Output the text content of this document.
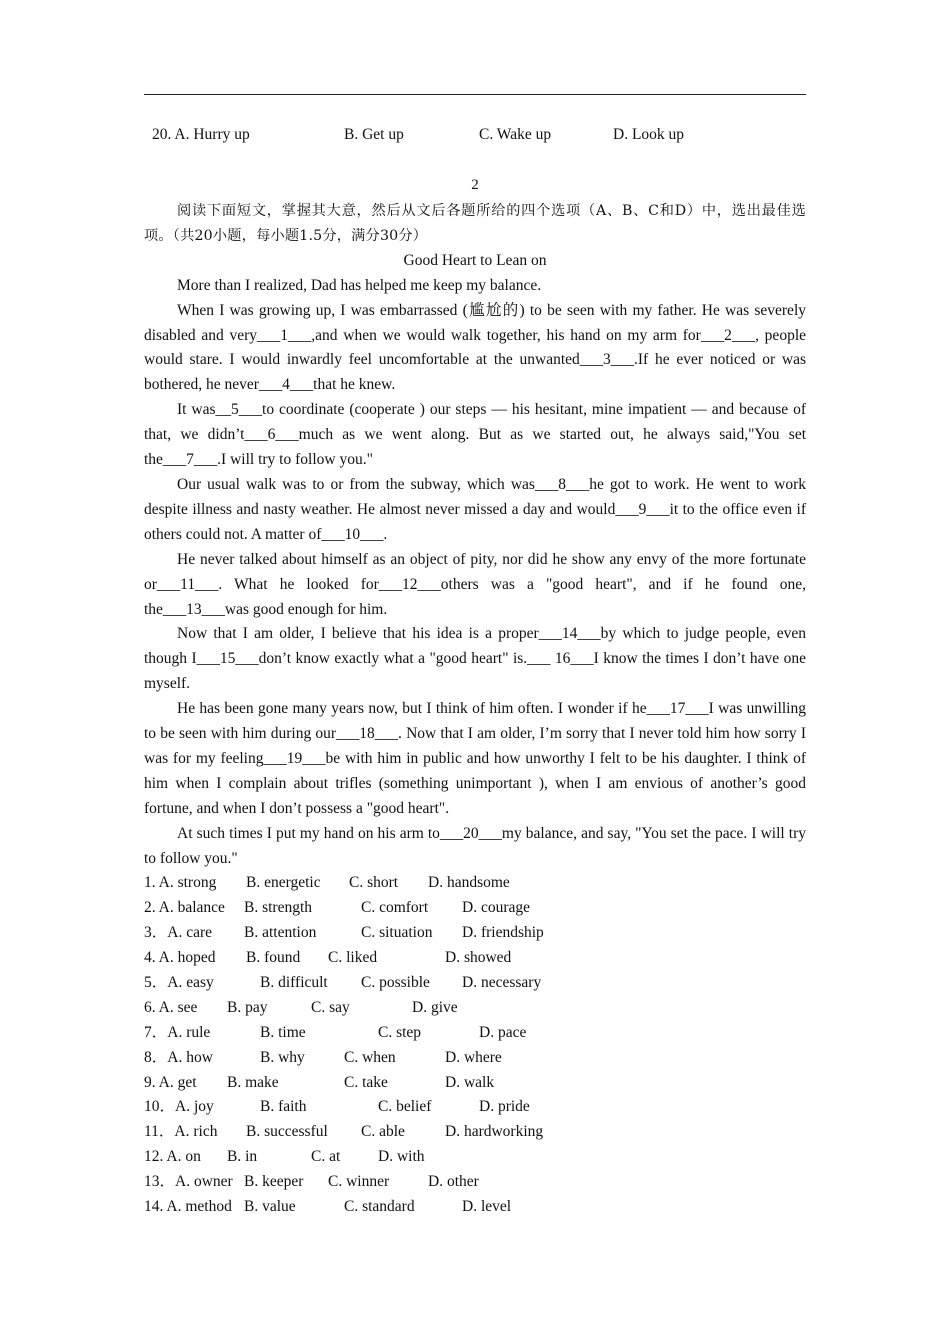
20. A. Hurry up	B. Get up	C. Wake up	D. Look up
2

阅读下面短文，掌握其大意，然后从文后各题所给的四个选项（A、B、C和D）中，选出最佳选项。（共20小题，每小题1.5分，满分30分）

Good Heart to Lean on

More than I realized, Dad has helped me keep my balance.

When I was growing up, I was embarrassed (尴尬的) to be seen with my father. He was severely disabled and very___1___,and when we would walk together, his hand on my arm for___2___, people would stare. I would inwardly feel uncomfortable at the unwanted___3___.If he ever noticed or was bothered, he never___4___that he knew.

It was__5___to coordinate (cooperate ) our steps — his hesitant, mine impatient — and because of that, we didn’t___6___much as we went along. But as we started out, he always said,"You set the___7___.I will try to follow you."

Our usual walk was to or from the subway, which was___8___he got to work. He went to work despite illness and nasty weather. He almost never missed a day and would___9___it to the office even if others could not. A matter of___10___.

He never talked about himself as an object of pity, nor did he show any envy of the more fortunate or___11___. What he looked for___12___others was a "good heart", and if he found one, the___13___was good enough for him.

Now that I am older, I believe that his idea is a proper___14___by which to judge people, even though I___15___don’t know exactly what a "good heart" is.___ 16___I know the times I don’t have one myself.

He has been gone many years now, but I think of him often. I wonder if he___17___I was unwilling to be seen with him during our___18___. Now that I am older, I’m sorry that I never told him how sorry I was for my feeling___19___be with him in public and how unworthy I felt to be his daughter. I think of him when I complain about trifles (something unimportant ), when I am envious of another’s good fortune, and when I don’t possess a "good heart".

At such times I put my hand on his arm to___20___my balance, and say, "You set the pace. I will try to follow you."

1. A. strong B. energetic C. short D. handsome
2. A. balance B. strength	C. comfort D. courage
3．A. care B. attention	C. situation D. friendship
4. A. hoped B. found C. liked	D. showed
5．A. easy	B. difficult C. possible D. necessary
6. A. see B. pay	C. say	D. give
7．A. rule	B. time	C. step	D. pace
8．A. how	B. why	C. when	D. where
9. A. get B. make	C. take	D. walk
10．A. joy	B. faith	C. belief	D. pride
11．A. rich B. successful C. able	D. hardworking
12. A. on B. in	C. at D. with
13．A. owner B. keeper C. winner	D. other
14. A. method B. value	C. standard	D. level
